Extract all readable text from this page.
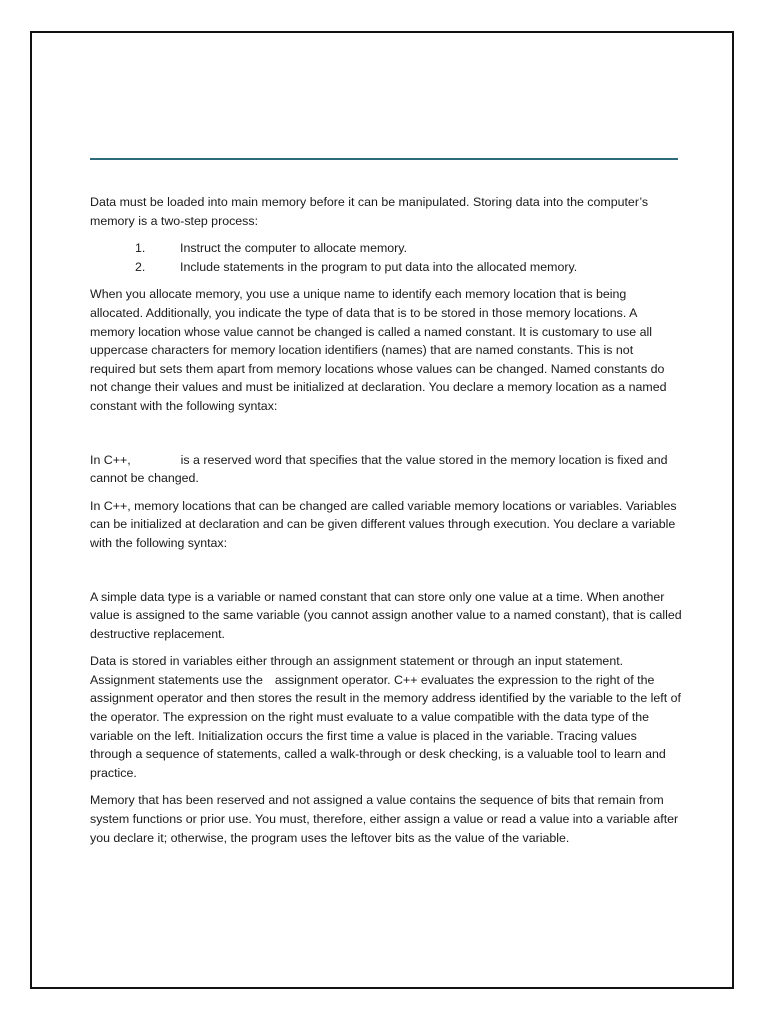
Data must be loaded into main memory before it can be manipulated. Storing data into the computer’s memory is a two-step process:

1.	Instruct the computer to allocate memory.
2.	Include statements in the program to put data into the allocated memory.

When you allocate memory, you use a unique name to identify each memory location that is being allocated. Additionally, you indicate the type of data that is to be stored in those memory locations. A memory location whose value cannot be changed is called a named constant. It is customary to use all uppercase characters for memory location identifiers (names) that are named constants. This is not required but sets them apart from memory locations whose values can be changed. Named constants do not change their values and must be initialized at declaration. You declare a memory location as a named constant with the following syntax:

In C++,	is a reserved word that specifies that the value stored in the memory location is fixed and cannot be changed.

In C++, memory locations that can be changed are called variable memory locations or variables. Variables can be initialized at declaration and can be given different values through execution. You declare a variable with the following syntax:

A simple data type is a variable or named constant that can store only one value at a time. When another value is assigned to the same variable (you cannot assign another value to a named constant), that is called destructive replacement.

Data is stored in variables either through an assignment statement or through an input statement. Assignment statements use the assignment operator. C++ evaluates the expression to the right of the assignment operator and then stores the result in the memory address identified by the variable to the left of the operator. The expression on the right must evaluate to a value compatible with the data type of the variable on the left. Initialization occurs the first time a value is placed in the variable. Tracing values through a sequence of statements, called a walk-through or desk checking, is a valuable tool to learn and practice.

Memory that has been reserved and not assigned a value contains the sequence of bits that remain from system functions or prior use. You must, therefore, either assign a value or read a value into a variable after you declare it; otherwise, the program uses the leftover bits as the value of the variable.
